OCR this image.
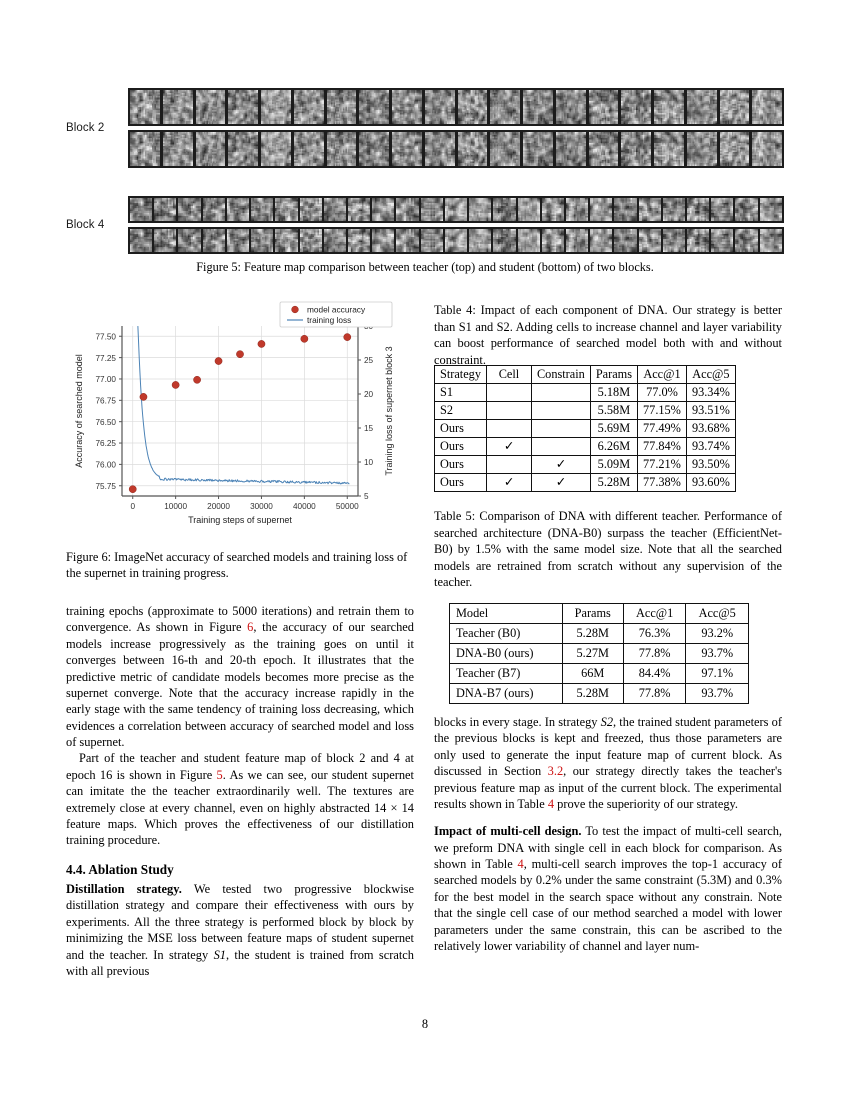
Block 2
Block 4
Figure 5: Feature map comparison between teacher (top) and student (bottom) of two blocks.
75.75
76.00
76.25
76.50
76.75
77.00
77.25
77.50
5
10
15
20
25
0	10000 20000 30000 40000 50000
Training steps of supernet
Accuracy of searched model	Training loss of supernet block 3
model accuracy
training loss

Figure 6: ImageNet accuracy of searched models and training loss of the supernet in training progress.

training epochs (approximate to 5000 iterations) and retrain them to convergence. As shown in Figure 6, the accuracy of our searched models increase progressively as the training goes on until it converges between 16-th and 20-th epoch. It illustrates that the predictive metric of candidate models becomes more precise as the supernet converge. Note that the accuracy increase rapidly in the early stage with the same tendency of training loss decreasing, which evidences a correlation between accuracy of searched model and loss of supernet.

Part of the teacher and student feature map of block 2 and 4 at epoch 16 is shown in Figure 5. As we can see, our student supernet can imitate the the teacher extraordinarily well. The textures are extremely close at every channel, even on highly abstracted 14 × 14 feature maps. Which proves the effectiveness of our distillation training procedure.

4.4. Ablation Study

Distillation strategy. We tested two progressive blockwise distillation strategy and compare their effectiveness with ours by experiments. All the three strategy is performed block by block by minimizing the MSE loss between feature maps of student supernet and the teacher. In strategy S1, the student is trained from scratch with all previous

Table 4: Impact of each component of DNA. Our strategy is better than S1 and S2. Adding cells to increase channel and layer variability can boost performance of searched model both with and without constraint.

Strategy	Cell	Constrain	Params	Acc@1	Acc@5
S1			5.18M	77.0%	93.34%
S2			5.58M	77.15%	93.51%
Ours			5.69M	77.49%	93.68%
Ours	✓		6.26M	77.84%	93.74%
Ours		✓	5.09M	77.21%	93.50%
Ours	✓	✓	5.28M	77.38%	93.60%

Table 5: Comparison of DNA with different teacher. Performance of searched architecture (DNA-B0) surpass the teacher (EfficientNet-B0) by 1.5% with the same model size. Note that all the searched models are retrained from scratch without any supervision of the teacher.

Model	Params	Acc@1	Acc@5
Teacher (B0)	5.28M	76.3%	93.2%
DNA-B0 (ours)	5.27M	77.8%	93.7%
Teacher (B7)	66M	84.4%	97.1%
DNA-B7 (ours)	5.28M	77.8%	93.7%

blocks in every stage. In strategy S2, the trained student parameters of the previous blocks is kept and freezed, thus those parameters are only used to generate the input feature map of current block. As discussed in Section 3.2, our strategy directly takes the teacher's previous feature map as input of the current block. The experimental results shown in Table 4 prove the superiority of our strategy.

Impact of multi-cell design. To test the impact of multi-cell search, we preform DNA with single cell in each block for comparison. As shown in Table 4, multi-cell search improves the top-1 accuracy of searched models by 0.2% under the same constraint (5.3M) and 0.3% for the best model in the search space without any constrain. Note that the single cell case of our method searched a model with lower parameters under the same constrain, this can be ascribed to the relatively lower variability of channel and layer num-

8
